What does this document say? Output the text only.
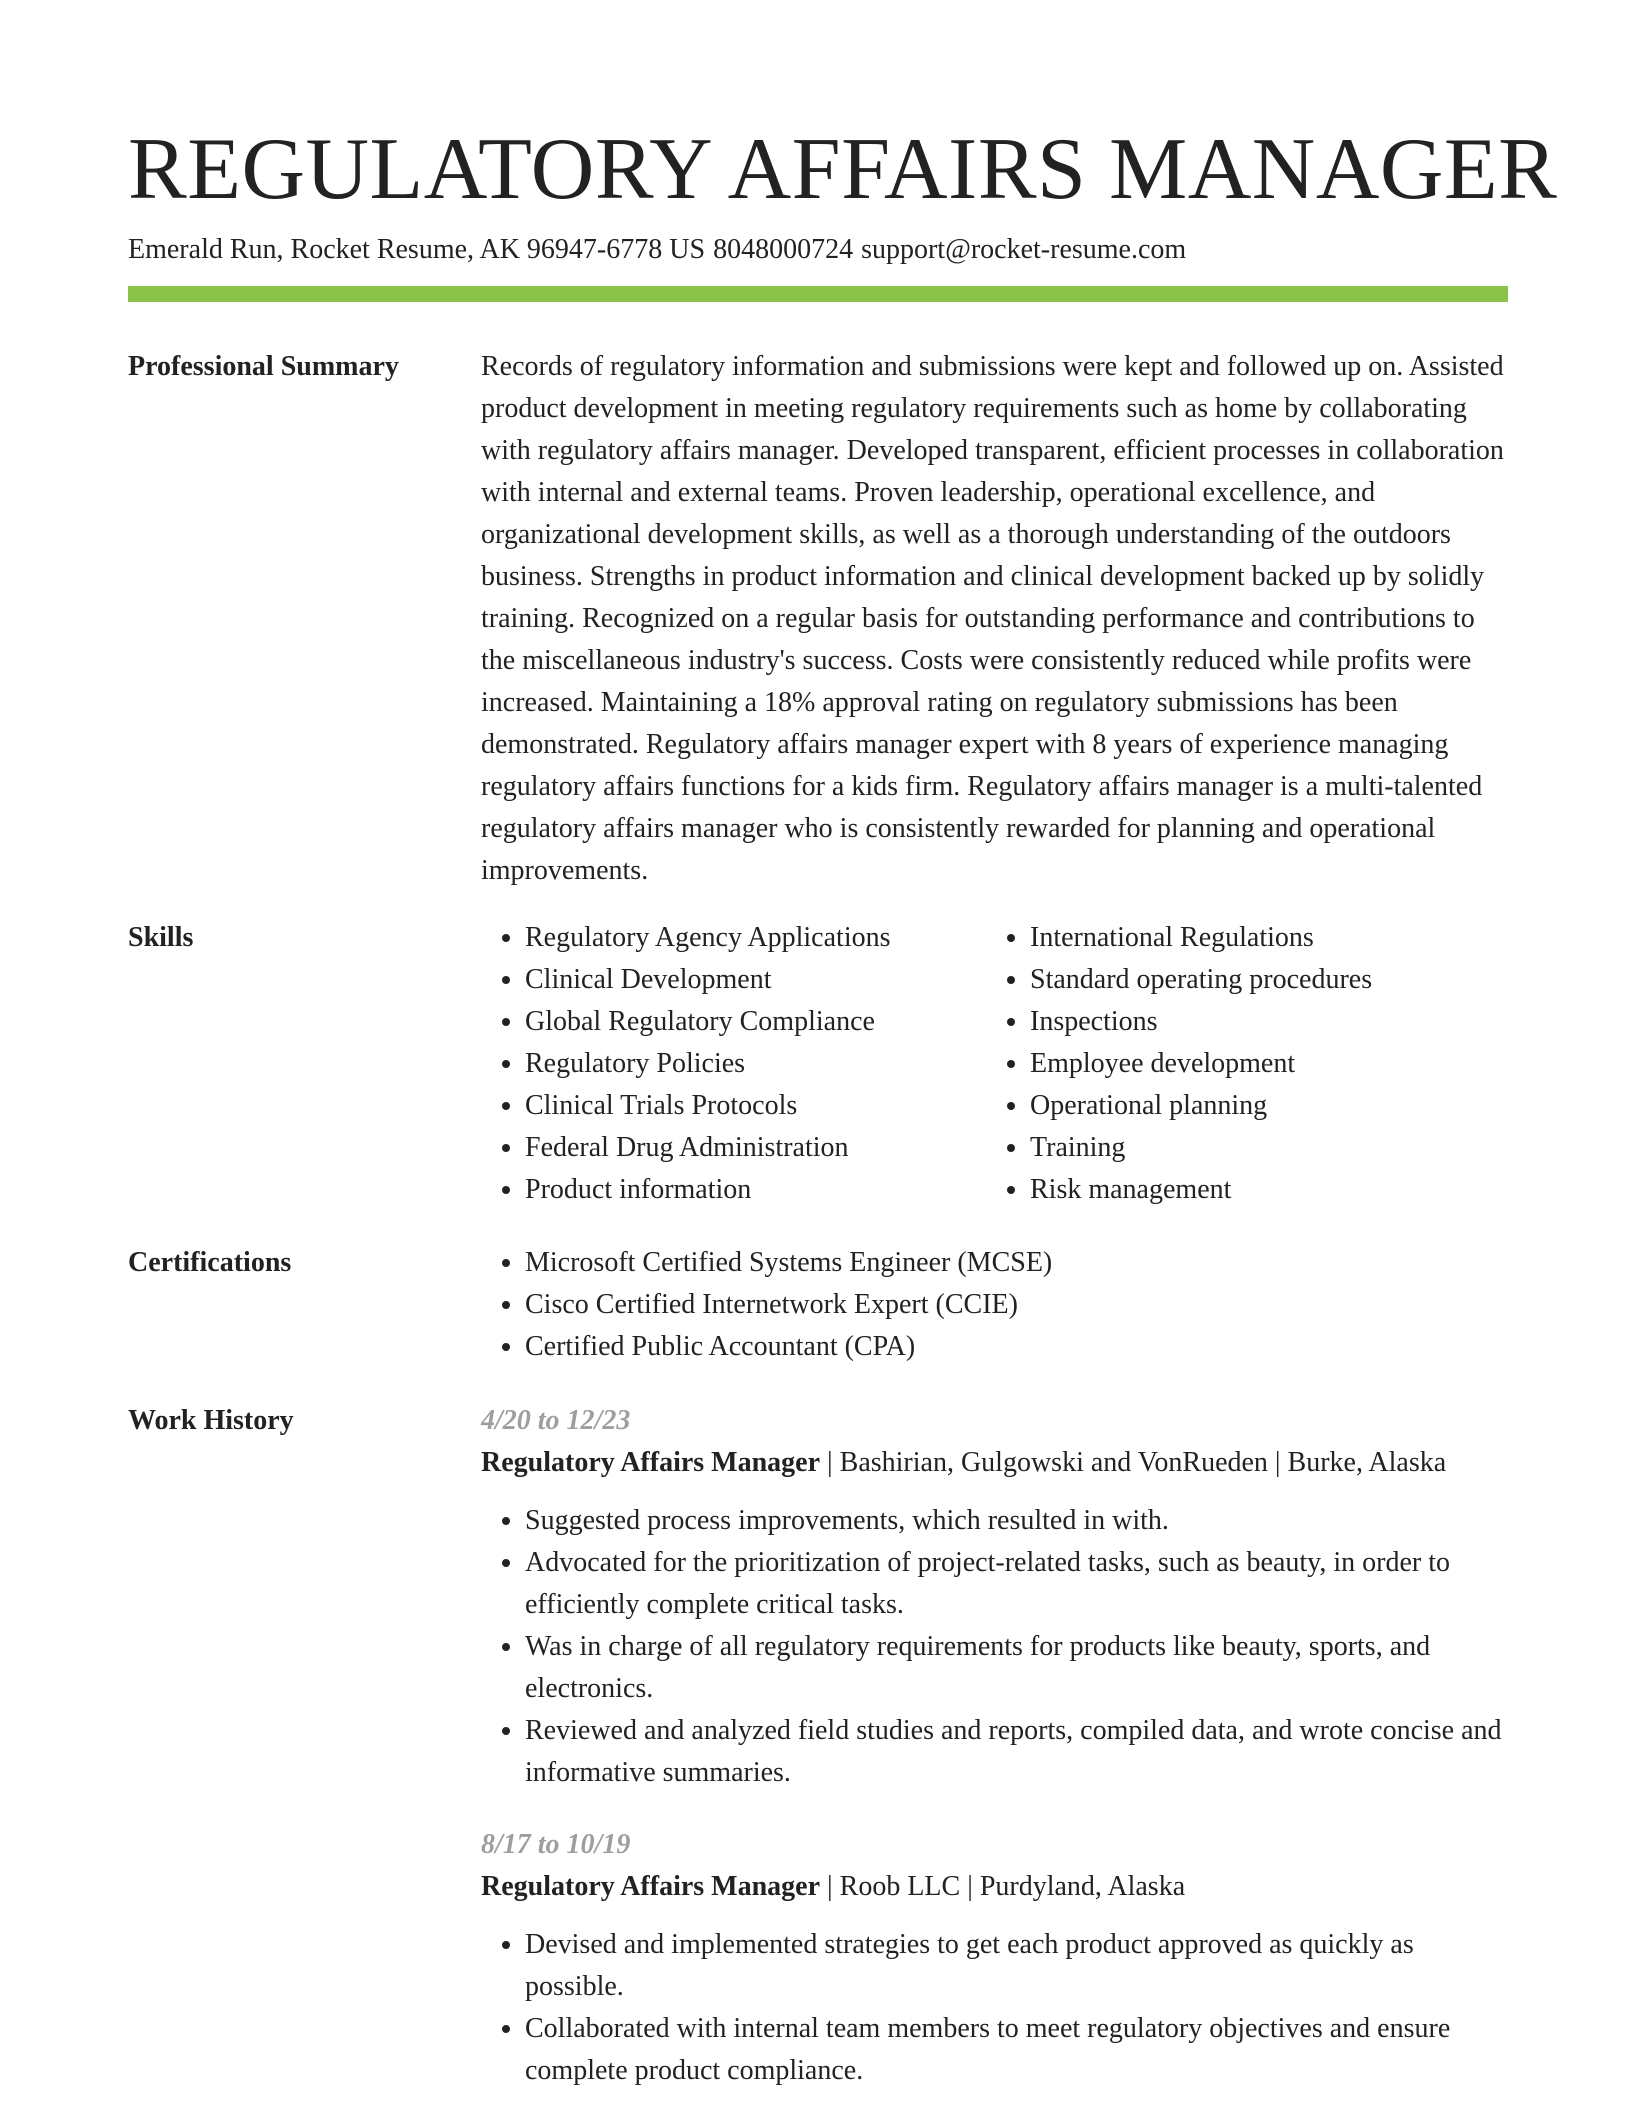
REGULATORY AFFAIRS MANAGER
Emerald Run, Rocket Resume, AK 96947-6778 US 8048000724 support@rocket-resume.com
Professional Summary	Records of regulatory information and submissions were kept and followed up on. Assisted product development in meeting regulatory requirements such as home by collaborating with regulatory affairs manager. Developed transparent, efficient processes in collaboration with internal and external teams. Proven leadership, operational excellence, and organizational development skills, as well as a thorough understanding of the outdoors business. Strengths in product information and clinical development backed up by solidly training. Recognized on a regular basis for outstanding performance and contributions to the miscellaneous industry's success. Costs were consistently reduced while profits were increased. Maintaining a 18% approval rating on regulatory submissions has been demonstrated. Regulatory affairs manager expert with 8 years of experience managing regulatory affairs functions for a kids firm. Regulatory affairs manager is a multi-talented regulatory affairs manager who is consistently rewarded for planning and operational improvements.

Skills	• Regulatory Agency Applications
• Clinical Development
• Global Regulatory Compliance
• Regulatory Policies
• Clinical Trials Protocols
• Federal Drug Administration
• Product information
• International Regulations
• Standard operating procedures
• Inspections
• Employee development
• Operational planning
• Training
• Risk management
Certifications	• Microsoft Certified Systems Engineer (MCSE)
• Cisco Certified Internetwork Expert (CCIE)
• Certified Public Accountant (CPA)
Work History	4/20 to 12/23
Regulatory Affairs Manager | Bashirian, Gulgowski and VonRueden | Burke, Alaska
• Suggested process improvements, which resulted in with.
• Advocated for the prioritization of project-related tasks, such as beauty, in order to efficiently complete critical tasks.
• Was in charge of all regulatory requirements for products like beauty, sports, and electronics.
• Reviewed and analyzed field studies and reports, compiled data, and wrote concise and informative summaries.
8/17 to 10/19
Regulatory Affairs Manager | Roob LLC | Purdyland, Alaska
• Devised and implemented strategies to get each product approved as quickly as possible.
• Collaborated with internal team members to meet regulatory objectives and ensure complete product compliance.
